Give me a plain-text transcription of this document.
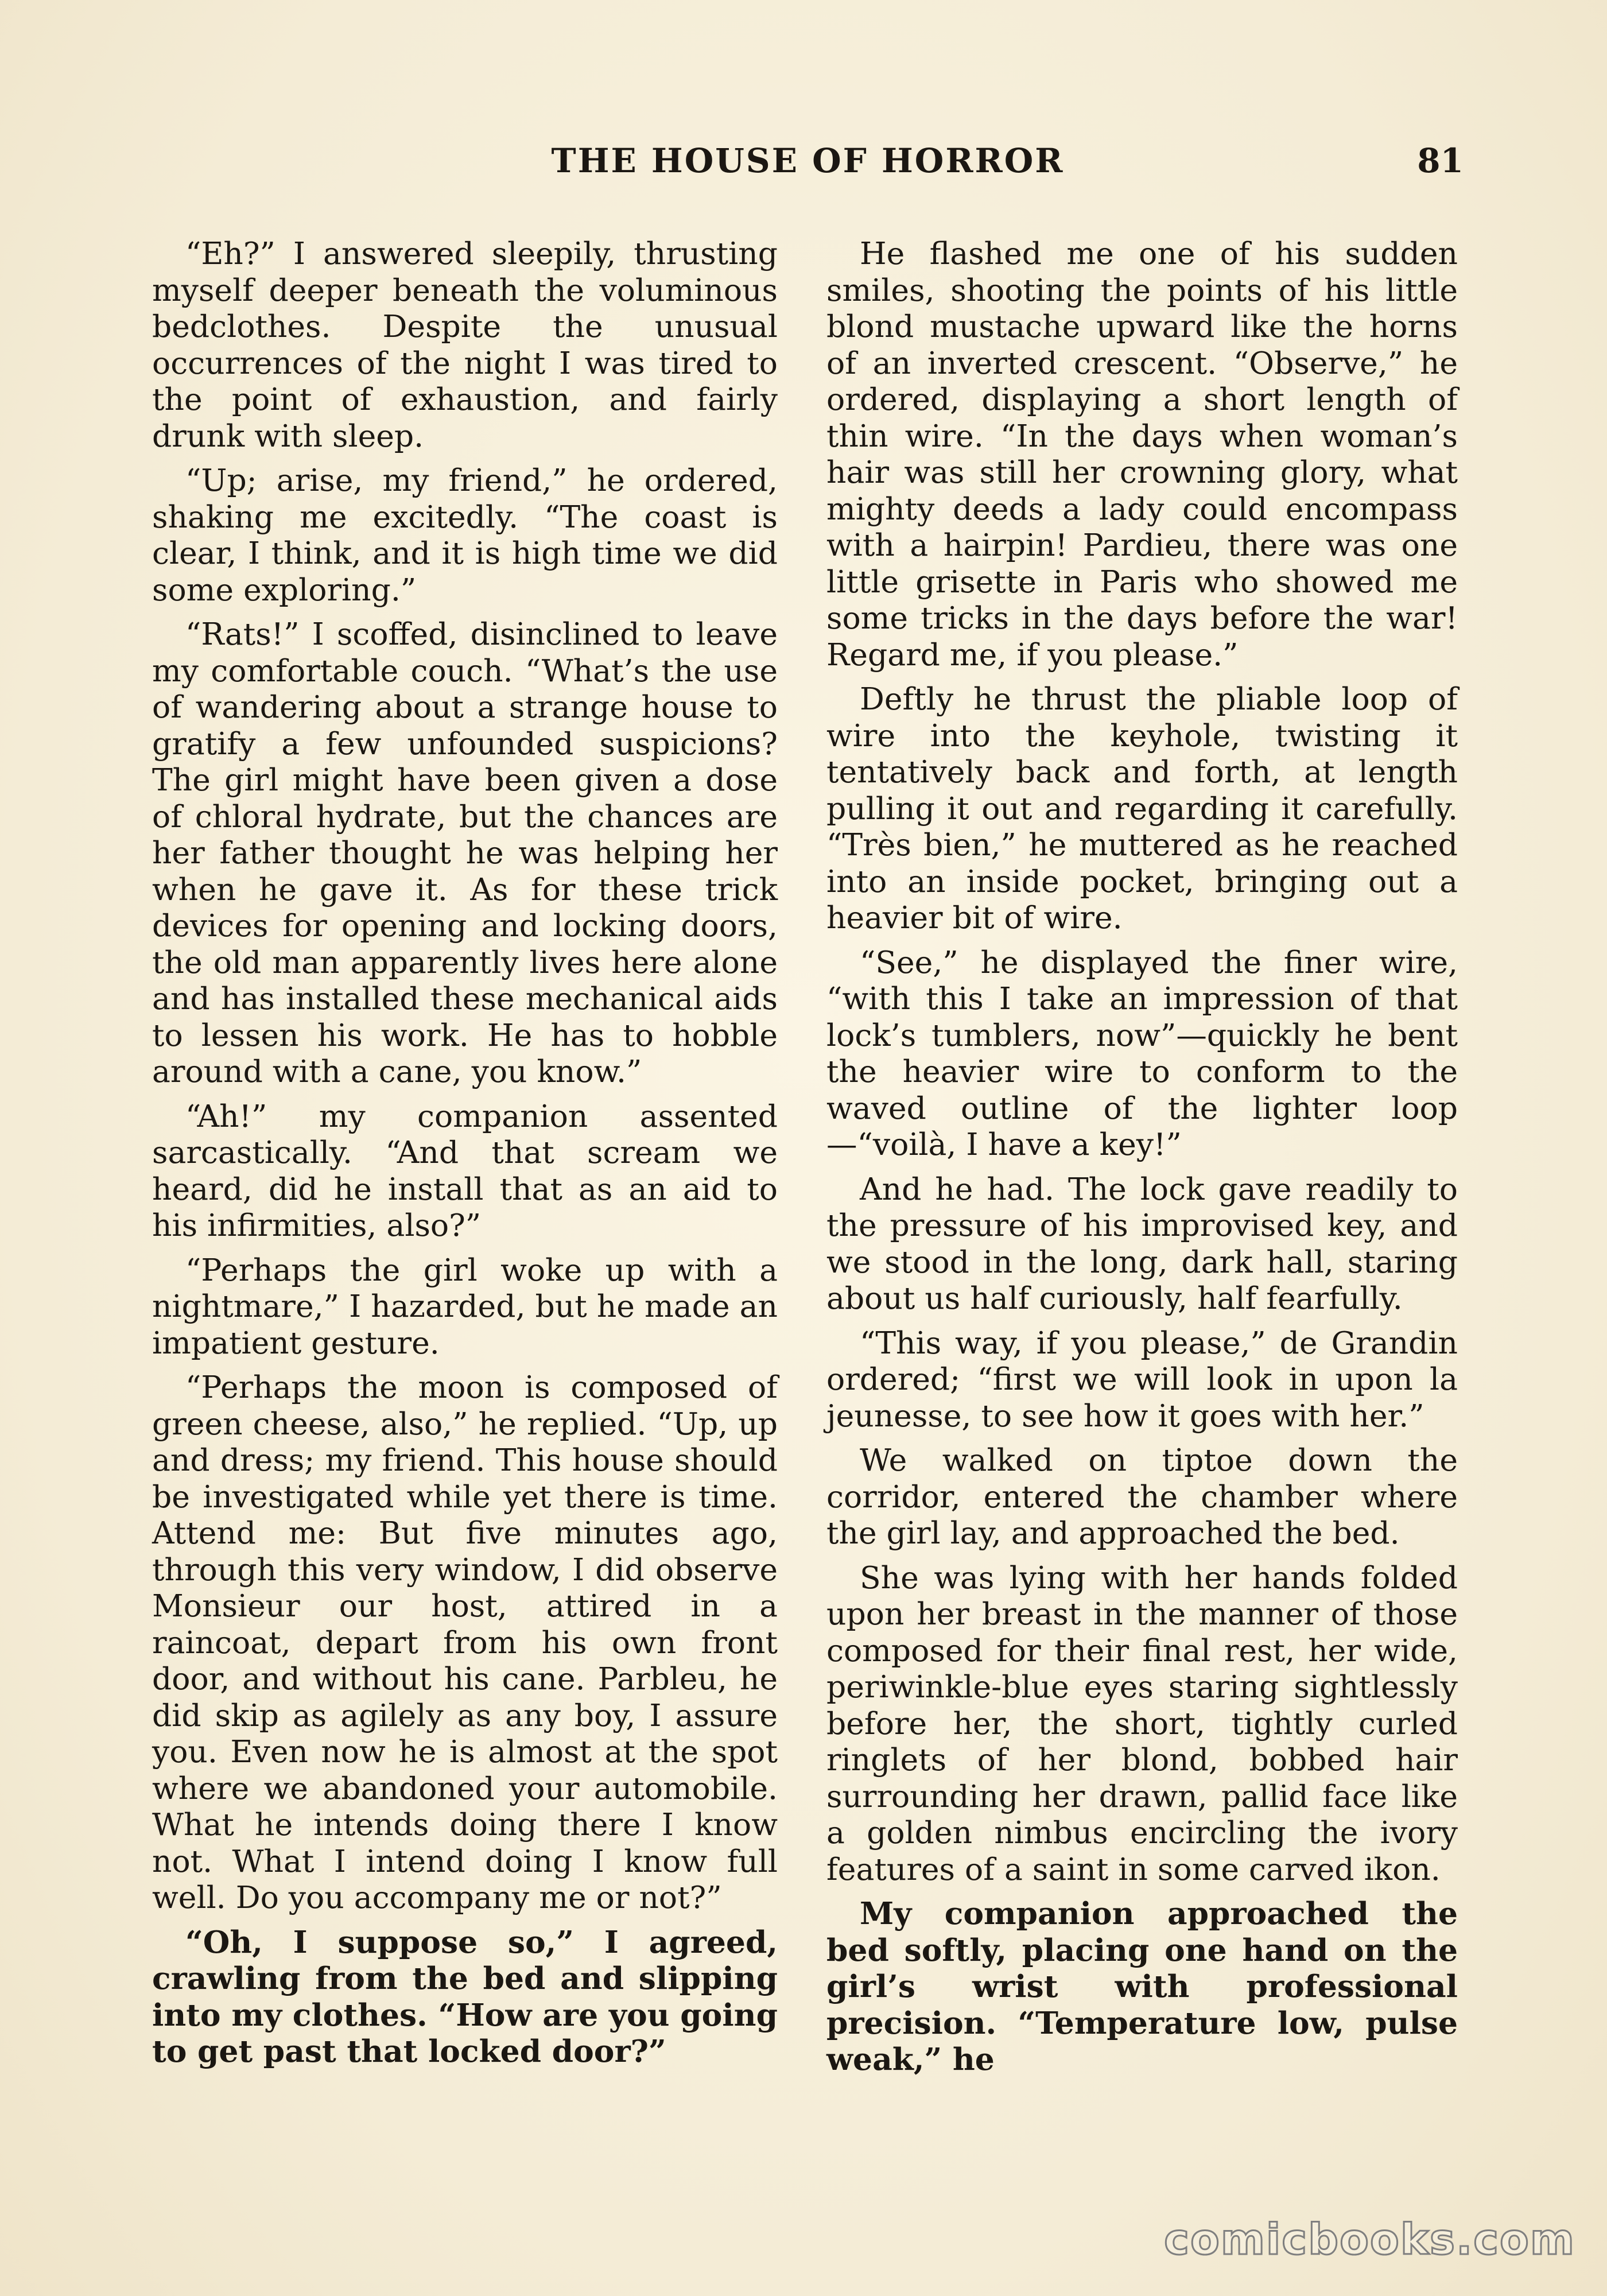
THE HOUSE OF HORROR	81

“Eh?” I answered sleepily, thrusting myself deeper beneath the voluminous bedclothes. Despite the unusual occurrences of the night I was tired to the point of exhaustion, and fairly drunk with sleep.

“Up; arise, my friend,” he ordered, shaking me excitedly. “The coast is clear, I think, and it is high time we did some exploring.”

“Rats!” I scoffed, disinclined to leave my comfortable couch. “What’s the use of wandering about a strange house to gratify a few unfounded suspicions? The girl might have been given a dose of chloral hydrate, but the chances are her father thought he was helping her when he gave it. As for these trick devices for opening and locking doors, the old man apparently lives here alone and has installed these mechanical aids to lessen his work. He has to hobble around with a cane, you know.”

“Ah!” my companion assented sarcastically. “And that scream we heard, did he install that as an aid to his infirmities, also?”

“Perhaps the girl woke up with a nightmare,” I hazarded, but he made an impatient gesture.

“Perhaps the moon is composed of green cheese, also,” he replied. “Up, up and dress; my friend. This house should be investigated while yet there is time. Attend me: But five minutes ago, through this very window, I did observe Monsieur our host, attired in a raincoat, depart from his own front door, and without his cane. Parbleu, he did skip as agilely as any boy, I assure you. Even now he is almost at the spot where we abandoned your automobile. What he intends doing there I know not. What I intend doing I know full well. Do you accompany me or not?”

“Oh, I suppose so,” I agreed, crawling from the bed and slipping into my clothes. “How are you going to get past that locked door?”

He flashed me one of his sudden smiles, shooting the points of his little blond mustache upward like the horns of an inverted crescent. “Observe,” he ordered, displaying a short length of thin wire. “In the days when woman’s hair was still her crowning glory, what mighty deeds a lady could encompass with a hairpin! Pardieu, there was one little grisette in Paris who showed me some tricks in the days before the war! Regard me, if you please.”

Deftly he thrust the pliable loop of wire into the keyhole, twisting it tentatively back and forth, at length pulling it out and regarding it carefully. “Très bien,” he muttered as he reached into an inside pocket, bringing out a heavier bit of wire.

“See,” he displayed the finer wire, “with this I take an impression of that lock’s tumblers, now”—quickly he bent the heavier wire to conform to the waved outline of the lighter loop—“voilà, I have a key!”

And he had. The lock gave readily to the pressure of his improvised key, and we stood in the long, dark hall, staring about us half curiously, half fearfully.

“This way, if you please,” de Grandin ordered; “first we will look in upon la jeunesse, to see how it goes with her.”

We walked on tiptoe down the corridor, entered the chamber where the girl lay, and approached the bed.

She was lying with her hands folded upon her breast in the manner of those composed for their final rest, her wide, periwinkle-blue eyes staring sightlessly before her, the short, tightly curled ringlets of her blond, bobbed hair surrounding her drawn, pallid face like a golden nimbus encircling the ivory features of a saint in some carved ikon.

My companion approached the bed softly, placing one hand on the girl’s wrist with professional precision. “Temperature low, pulse weak,” he

comicbooks.com
